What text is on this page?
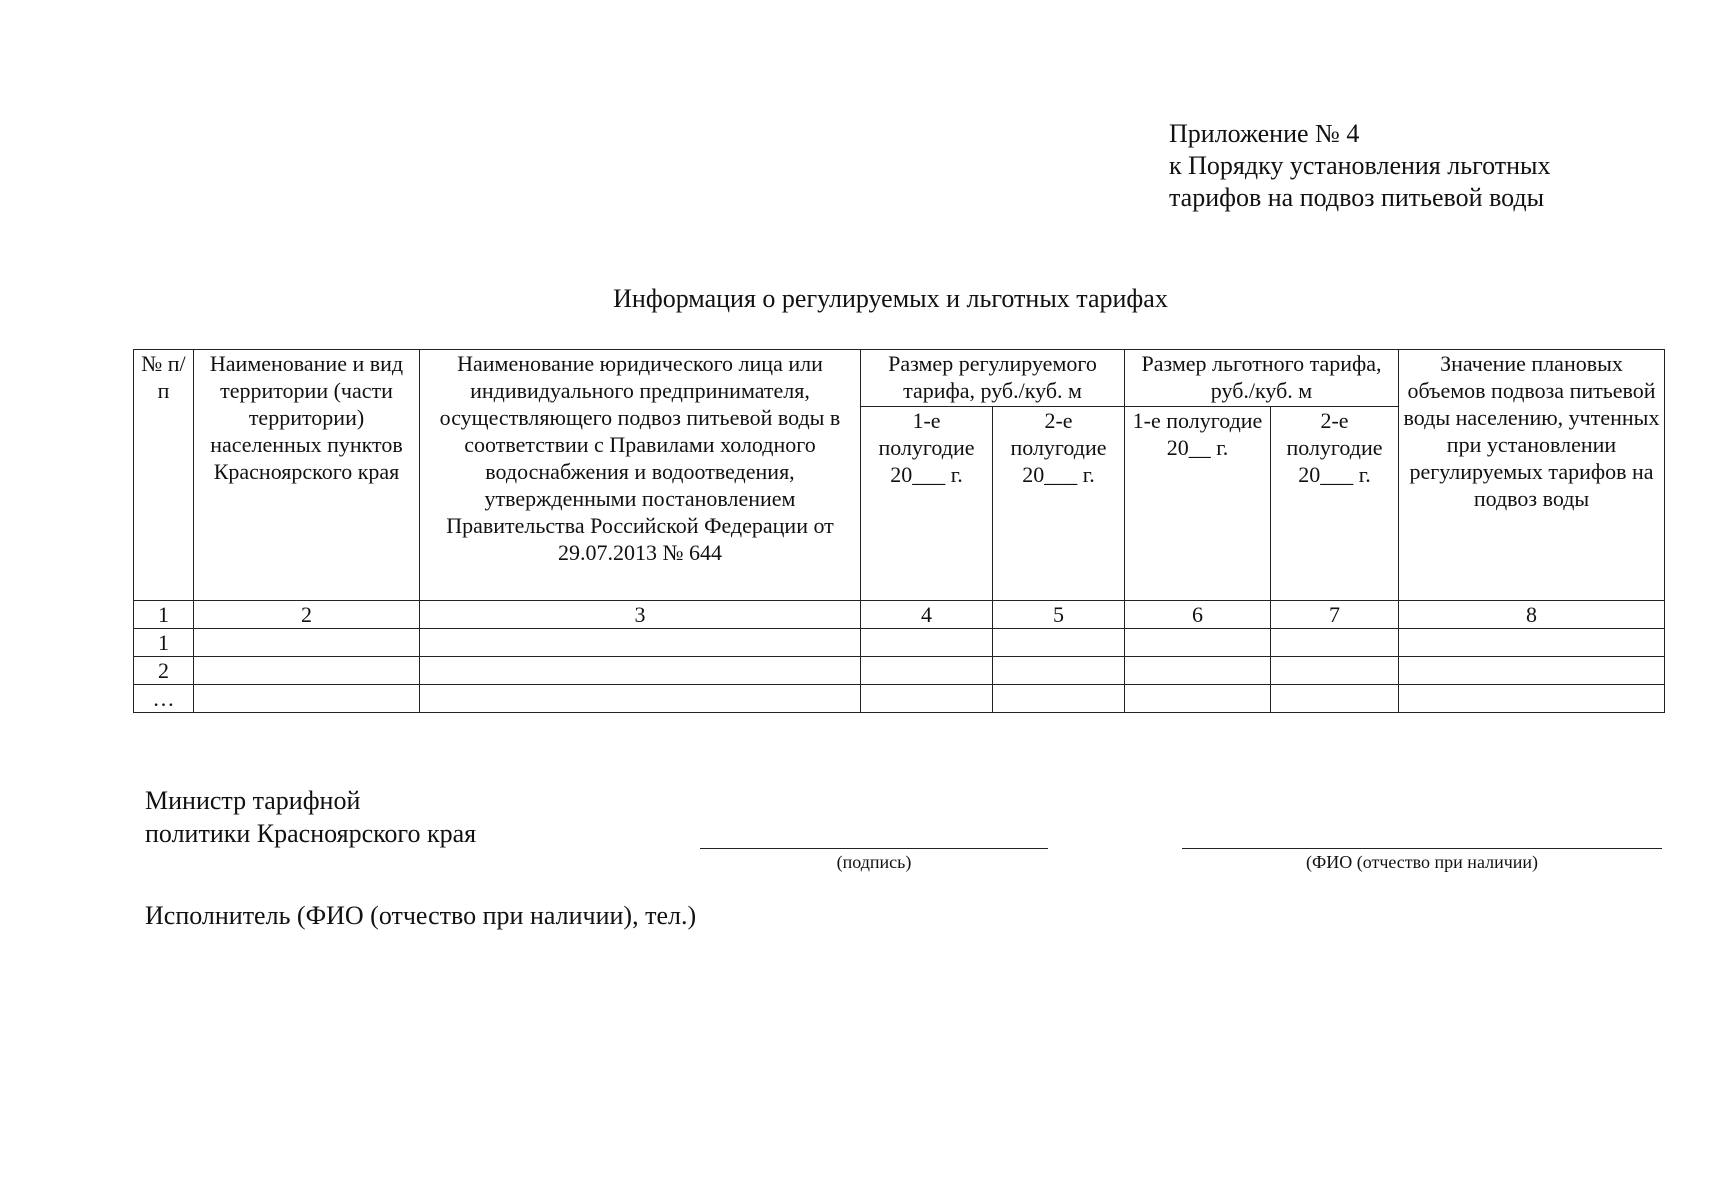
Приложение № 4
к Порядку установления льготных
тарифов на подвоз питьевой воды
Информация о регулируемых и льготных тарифах
№ п/п	Наименование и вид территории (части территории) населенных пунктов Красноярского края	Наименование юридического лица или индивидуального предпринимателя, осуществляющего подвоз питьевой воды в соответствии с Правилами холодного водоснабжения и водоотведения, утвержденными постановлением Правительства Российской Федерации от 29.07.2013 № 644	Размер регулируемого тарифа, руб./куб. м		Размер льготного тарифа, руб./куб. м		Значение плановых объемов подвоза питьевой воды населению, учтенных при установлении регулируемых тарифов на подвоз воды
			1-е полугодие 20___ г.	2-е полугодие 20___ г.	1-е полугодие 20__ г.	2-е полугодие 20___ г.	
1	2	3	4	5	6	7	8
1							
2							
…							
Министр тарифной
политики Красноярского края
(подпись)	(ФИО (отчество при наличии)
Исполнитель (ФИО (отчество при наличии), тел.)
